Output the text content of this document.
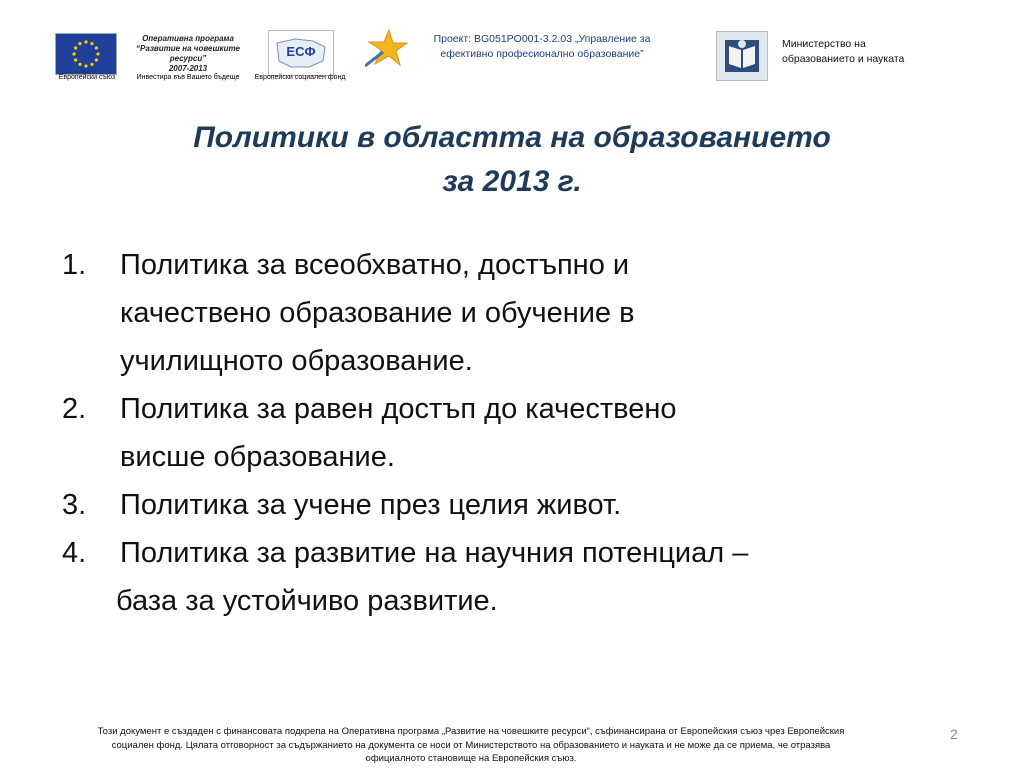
Европейски съюз
Оперативна програма
“Развитие на човешките ресурси”
2007-2013
Инвестира във Вашето бъдеще
ЕСФ
Европейски социален фонд
Проект: BG051PO001-3.2.03 „Управление за
ефективно професионално образование”
Министерство на
образованието и науката
Политики в областта на образованието
за 2013 г.
1.	Политика за всеобхватно, достъпно и
качествено образование и обучение в
училищното образование.
2.	Политика за равен достъп до качествено
висше образование.
3.	Политика за учене през целия живот.
4.	Политика за развитие на научния потенциал –
база за устойчиво развитие.
Този документ е създаден с финансовата подкрепа на Оперативна програма „Развитие на човешките ресурси“, съфинансирана от Европейския съюз чрез Европейския
социален фонд. Цялата отговорност за съдържанието на документа се носи от Министерството на образованието и науката и не може да се приема, че отразява
официалното становище на Европейския съюз.
2
